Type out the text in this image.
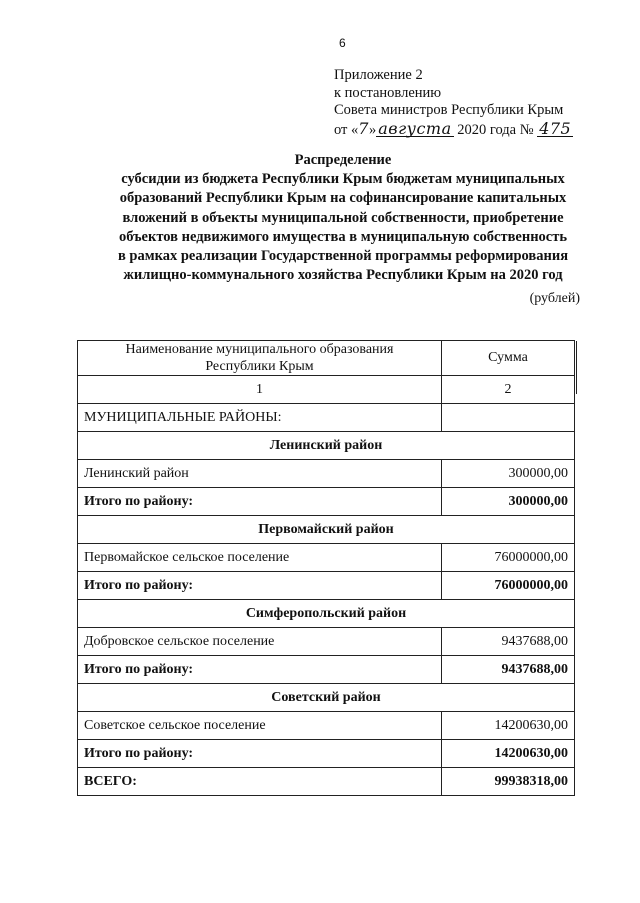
6
Приложение 2
к постановлению
Совета министров Республики Крым
от «7» августа 2020 года № 475
Распределение
субсидии из бюджета Республики Крым бюджетам муниципальных
образований Республики Крым на софинансирование капитальных
вложений в объекты муниципальной собственности, приобретение
объектов недвижимого имущества в муниципальную собственность
в рамках реализации Государственной программы реформирования
жилищно-коммунального хозяйства Республики Крым на 2020 год
(рублей)
Наименование муниципального образования
Республики Крым	Сумма
1	2
МУНИЦИПАЛЬНЫЕ РАЙОНЫ:	
Ленинский район	
Ленинский район	300000,00
Итого по району:	300000,00
Первомайский район	
Первомайское сельское поселение	76000000,00
Итого по району:	76000000,00
Симферопольский район	
Добровское сельское поселение	9437688,00
Итого по району:	9437688,00
Советский район	
Советское сельское поселение	14200630,00
Итого по району:	14200630,00
ВСЕГО:	99938318,00
